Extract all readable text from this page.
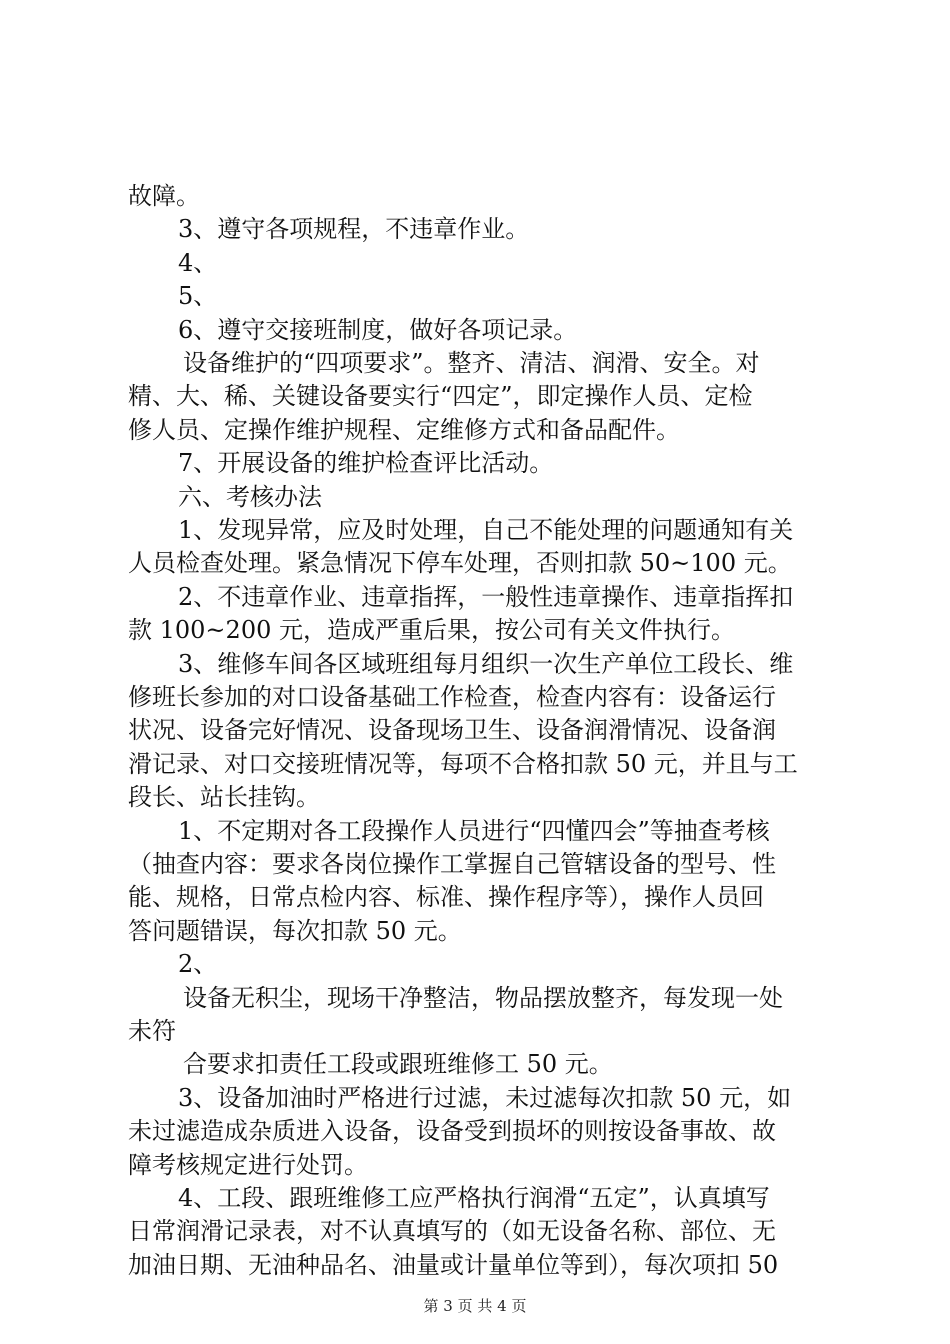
故障。
3、遵守各项规程，不违章作业。
4、
5、
6、遵守交接班制度，做好各项记录。
设备维护的“四项要求”。整齐、清洁、润滑、安全。对
精、大、稀、关键设备要实行“四定”，即定操作人员、定检
修人员、定操作维护规程、定维修方式和备品配件。
7、开展设备的维护检查评比活动。
六、考核办法
1、发现异常，应及时处理，自己不能处理的问题通知有关
人员检查处理。紧急情况下停车处理，否则扣款 50~100 元。
2、不违章作业、违章指挥，一般性违章操作、违章指挥扣
款 100~200 元，造成严重后果，按公司有关文件执行。
3、维修车间各区域班组每月组织一次生产单位工段长、维
修班长参加的对口设备基础工作检查，检查内容有：设备运行
状况、设备完好情况、设备现场卫生、设备润滑情况、设备润
滑记录、对口交接班情况等，每项不合格扣款 50 元，并且与工
段长、站长挂钩。
1、不定期对各工段操作人员进行“四懂四会”等抽查考核
（抽查内容：要求各岗位操作工掌握自己管辖设备的型号、性
能、规格，日常点检内容、标准、操作程序等），操作人员回
答问题错误，每次扣款 50 元。
2、
设备无积尘，现场干净整洁，物品摆放整齐，每发现一处
未符
合要求扣责任工段或跟班维修工 50 元。
3、设备加油时严格进行过滤，未过滤每次扣款 50 元，如
未过滤造成杂质进入设备，设备受到损坏的则按设备事故、故
障考核规定进行处罚。
4、工段、跟班维修工应严格执行润滑“五定”，认真填写
日常润滑记录表，对不认真填写的（如无设备名称、部位、无
加油日期、无油种品名、油量或计量单位等到），每次项扣 50
第 3 页 共 4 页
